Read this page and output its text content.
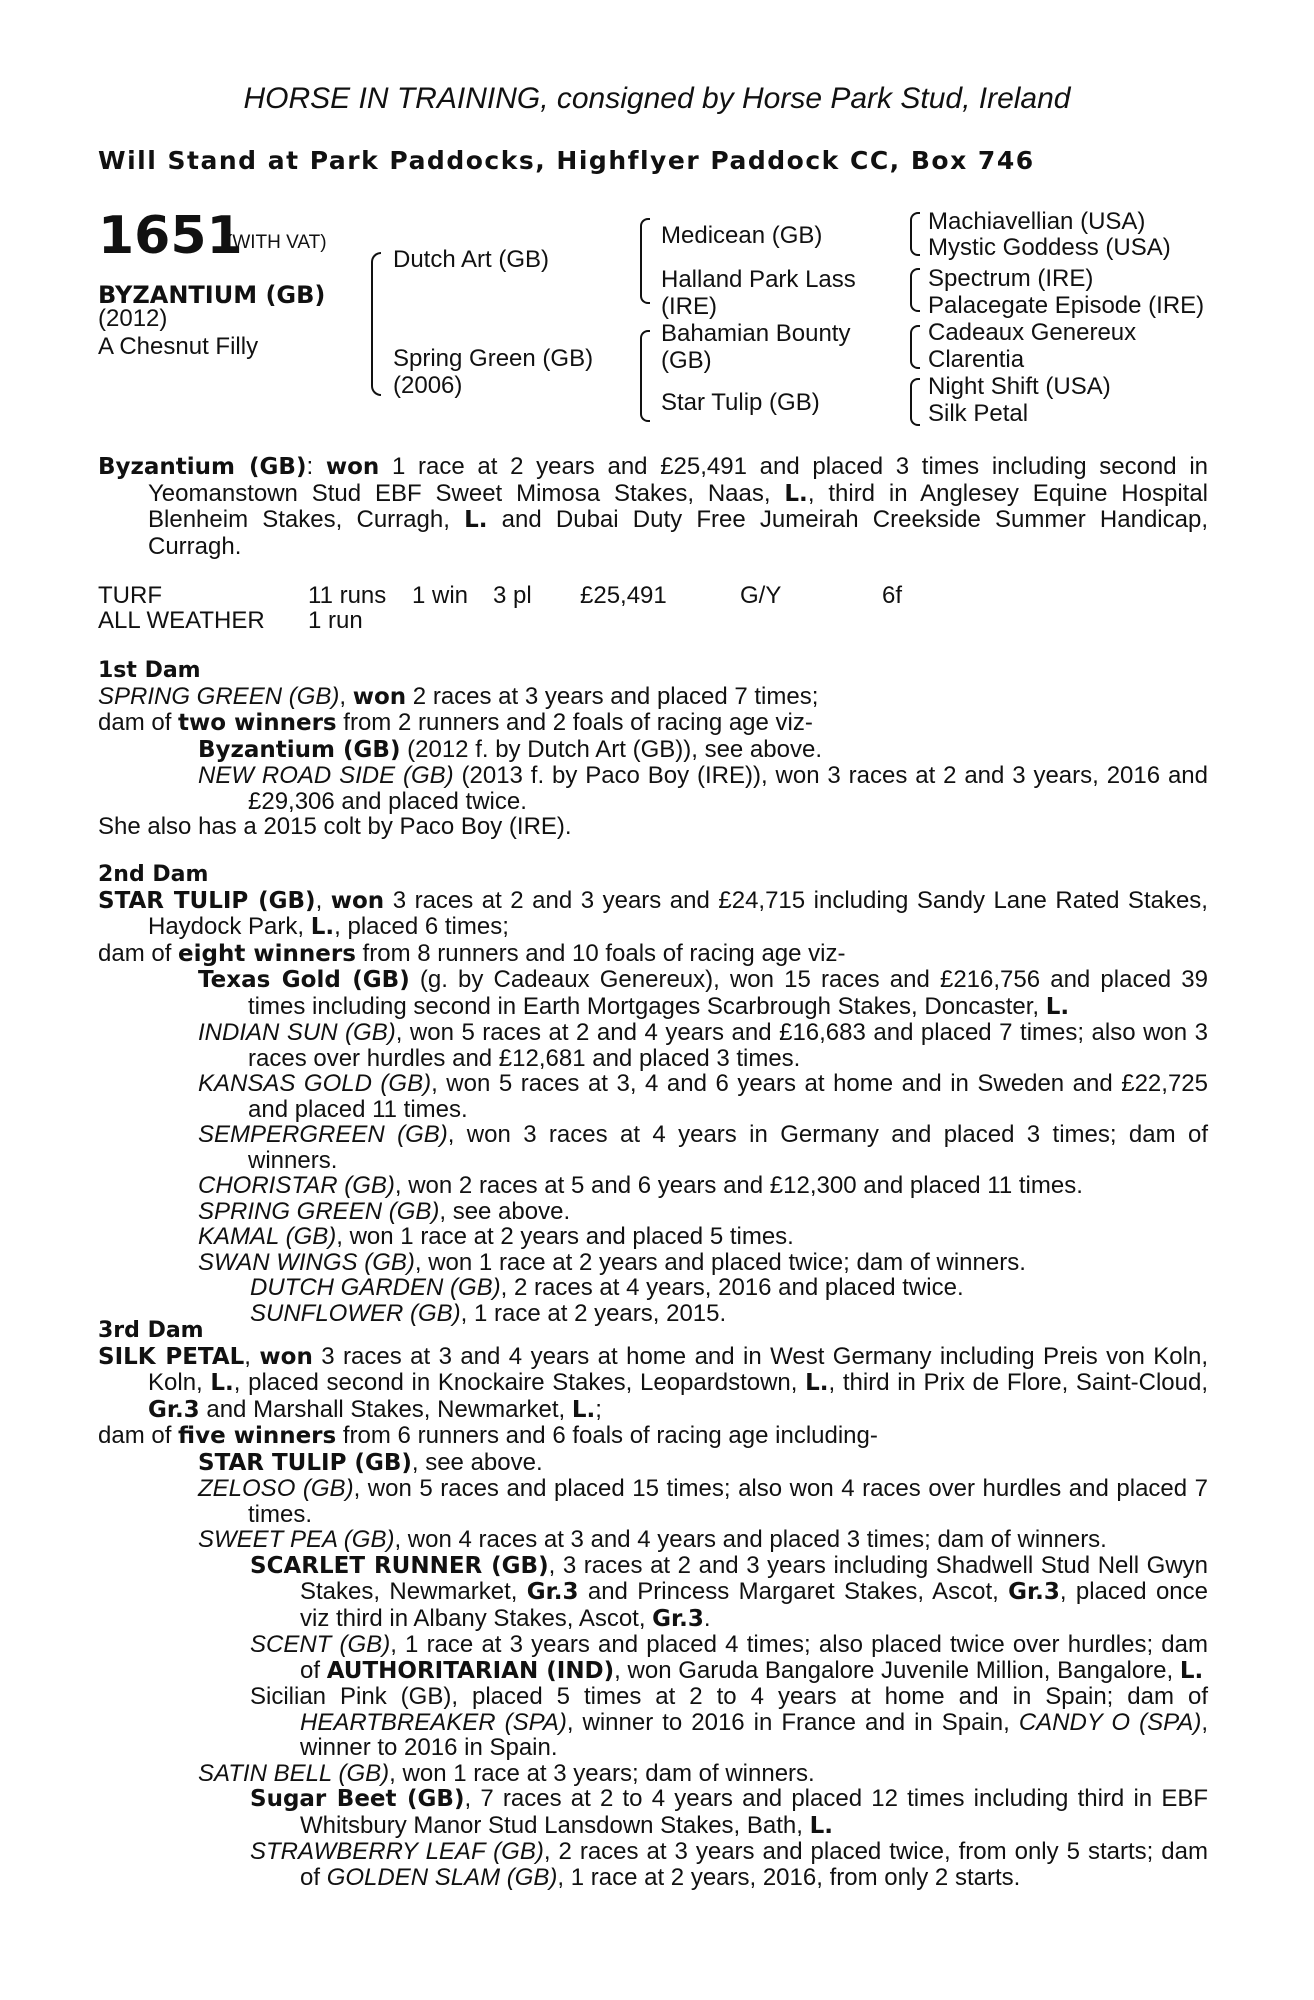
HORSE IN TRAINING, consigned by Horse Park Stud, Ireland
Will Stand at Park Paddocks, Highflyer Paddock CC, Box 746
1651
(WITH VAT)
BYZANTIUM (GB)
(2012)
A Chesnut Filly
Dutch Art (GB)
Spring Green (GB)
(2006)
Medicean (GB)
Halland Park Lass
(IRE)
Bahamian Bounty
(GB)
Star Tulip (GB)
Machiavellian (USA)
Mystic Goddess (USA)
Spectrum (IRE)
Palacegate Episode (IRE)
Cadeaux Genereux
Clarentia
Night Shift (USA)
Silk Petal

Byzantium (GB): won 1 race at 2 years and £25,491 and placed 3 times including second in Yeomanstown Stud EBF Sweet Mimosa Stakes, Naas, L., third in Anglesey Equine Hospital Blenheim Stakes, Curragh, L. and Dubai Duty Free Jumeirah Creekside Summer Handicap, Curragh.

TURF	11 runs 1 win 3 pl £25,491	G/Y	6f
ALL WEATHER 1 run

1st Dam

SPRING GREEN (GB), won 2 races at 3 years and placed 7 times;

dam of two winners from 2 runners and 2 foals of racing age viz-

Byzantium (GB) (2012 f. by Dutch Art (GB)), see above.

NEW ROAD SIDE (GB) (2013 f. by Paco Boy (IRE)), won 3 races at 2 and 3 years, 2016 and £29,306 and placed twice.

She also has a 2015 colt by Paco Boy (IRE).

2nd Dam

STAR TULIP (GB), won 3 races at 2 and 3 years and £24,715 including Sandy Lane Rated Stakes, Haydock Park, L., placed 6 times;

dam of eight winners from 8 runners and 10 foals of racing age viz-

Texas Gold (GB) (g. by Cadeaux Genereux), won 15 races and £216,756 and placed 39 times including second in Earth Mortgages Scarbrough Stakes, Doncaster, L.

INDIAN SUN (GB), won 5 races at 2 and 4 years and £16,683 and placed 7 times; also won 3 races over hurdles and £12,681 and placed 3 times.

KANSAS GOLD (GB), won 5 races at 3, 4 and 6 years at home and in Sweden and £22,725 and placed 11 times.

SEMPERGREEN (GB), won 3 races at 4 years in Germany and placed 3 times; dam of winners.

CHORISTAR (GB), won 2 races at 5 and 6 years and £12,300 and placed 11 times.

SPRING GREEN (GB), see above.

KAMAL (GB), won 1 race at 2 years and placed 5 times.

SWAN WINGS (GB), won 1 race at 2 years and placed twice; dam of winners.

DUTCH GARDEN (GB), 2 races at 4 years, 2016 and placed twice.

SUNFLOWER (GB), 1 race at 2 years, 2015.

3rd Dam

SILK PETAL, won 3 races at 3 and 4 years at home and in West Germany including Preis von Koln, Koln, L., placed second in Knockaire Stakes, Leopardstown, L., third in Prix de Flore, Saint-Cloud, Gr.3 and Marshall Stakes, Newmarket, L.;

dam of five winners from 6 runners and 6 foals of racing age including-

STAR TULIP (GB), see above.

ZELOSO (GB), won 5 races and placed 15 times; also won 4 races over hurdles and placed 7 times.

SWEET PEA (GB), won 4 races at 3 and 4 years and placed 3 times; dam of winners.

SCARLET RUNNER (GB), 3 races at 2 and 3 years including Shadwell Stud Nell Gwyn Stakes, Newmarket, Gr.3 and Princess Margaret Stakes, Ascot, Gr.3, placed once viz third in Albany Stakes, Ascot, Gr.3.

SCENT (GB), 1 race at 3 years and placed 4 times; also placed twice over hurdles; dam of AUTHORITARIAN (IND), won Garuda Bangalore Juvenile Million, Bangalore, L.

Sicilian Pink (GB), placed 5 times at 2 to 4 years at home and in Spain; dam of HEARTBREAKER (SPA), winner to 2016 in France and in Spain, CANDY O (SPA), winner to 2016 in Spain.

SATIN BELL (GB), won 1 race at 3 years; dam of winners.

Sugar Beet (GB), 7 races at 2 to 4 years and placed 12 times including third in EBF Whitsbury Manor Stud Lansdown Stakes, Bath, L.

STRAWBERRY LEAF (GB), 2 races at 3 years and placed twice, from only 5 starts; dam of GOLDEN SLAM (GB), 1 race at 2 years, 2016, from only 2 starts.
